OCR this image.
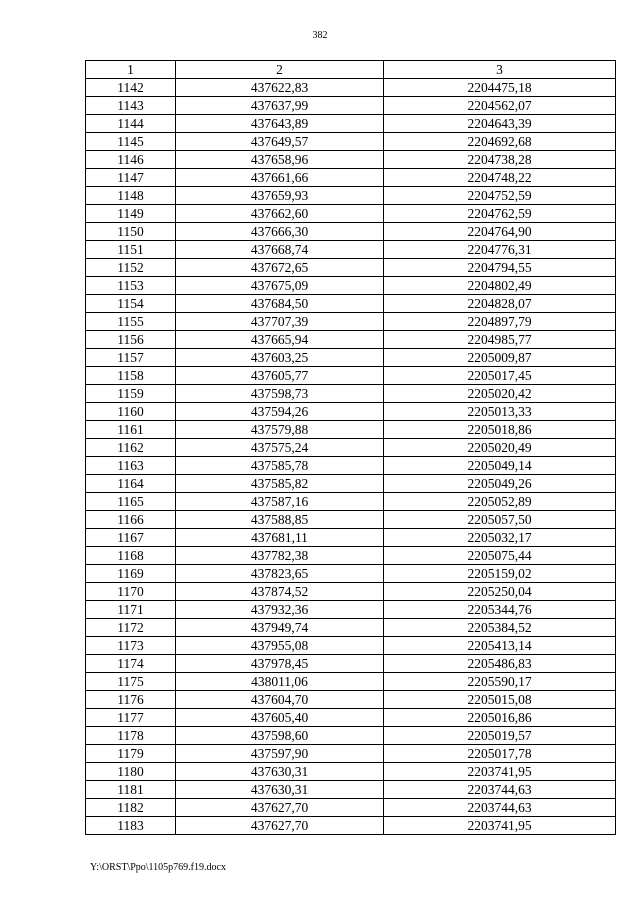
382
1	2	3
1142	437622,83	2204475,18
1143	437637,99	2204562,07
1144	437643,89	2204643,39
1145	437649,57	2204692,68
1146	437658,96	2204738,28
1147	437661,66	2204748,22
1148	437659,93	2204752,59
1149	437662,60	2204762,59
1150	437666,30	2204764,90
1151	437668,74	2204776,31
1152	437672,65	2204794,55
1153	437675,09	2204802,49
1154	437684,50	2204828,07
1155	437707,39	2204897,79
1156	437665,94	2204985,77
1157	437603,25	2205009,87
1158	437605,77	2205017,45
1159	437598,73	2205020,42
1160	437594,26	2205013,33
1161	437579,88	2205018,86
1162	437575,24	2205020,49
1163	437585,78	2205049,14
1164	437585,82	2205049,26
1165	437587,16	2205052,89
1166	437588,85	2205057,50
1167	437681,11	2205032,17
1168	437782,38	2205075,44
1169	437823,65	2205159,02
1170	437874,52	2205250,04
1171	437932,36	2205344,76
1172	437949,74	2205384,52
1173	437955,08	2205413,14
1174	437978,45	2205486,83
1175	438011,06	2205590,17
1176	437604,70	2205015,08
1177	437605,40	2205016,86
1178	437598,60	2205019,57
1179	437597,90	2205017,78
1180	437630,31	2203741,95
1181	437630,31	2203744,63
1182	437627,70	2203744,63
1183	437627,70	2203741,95
Y:\ORST\Ppo\1105p769.f19.docx
